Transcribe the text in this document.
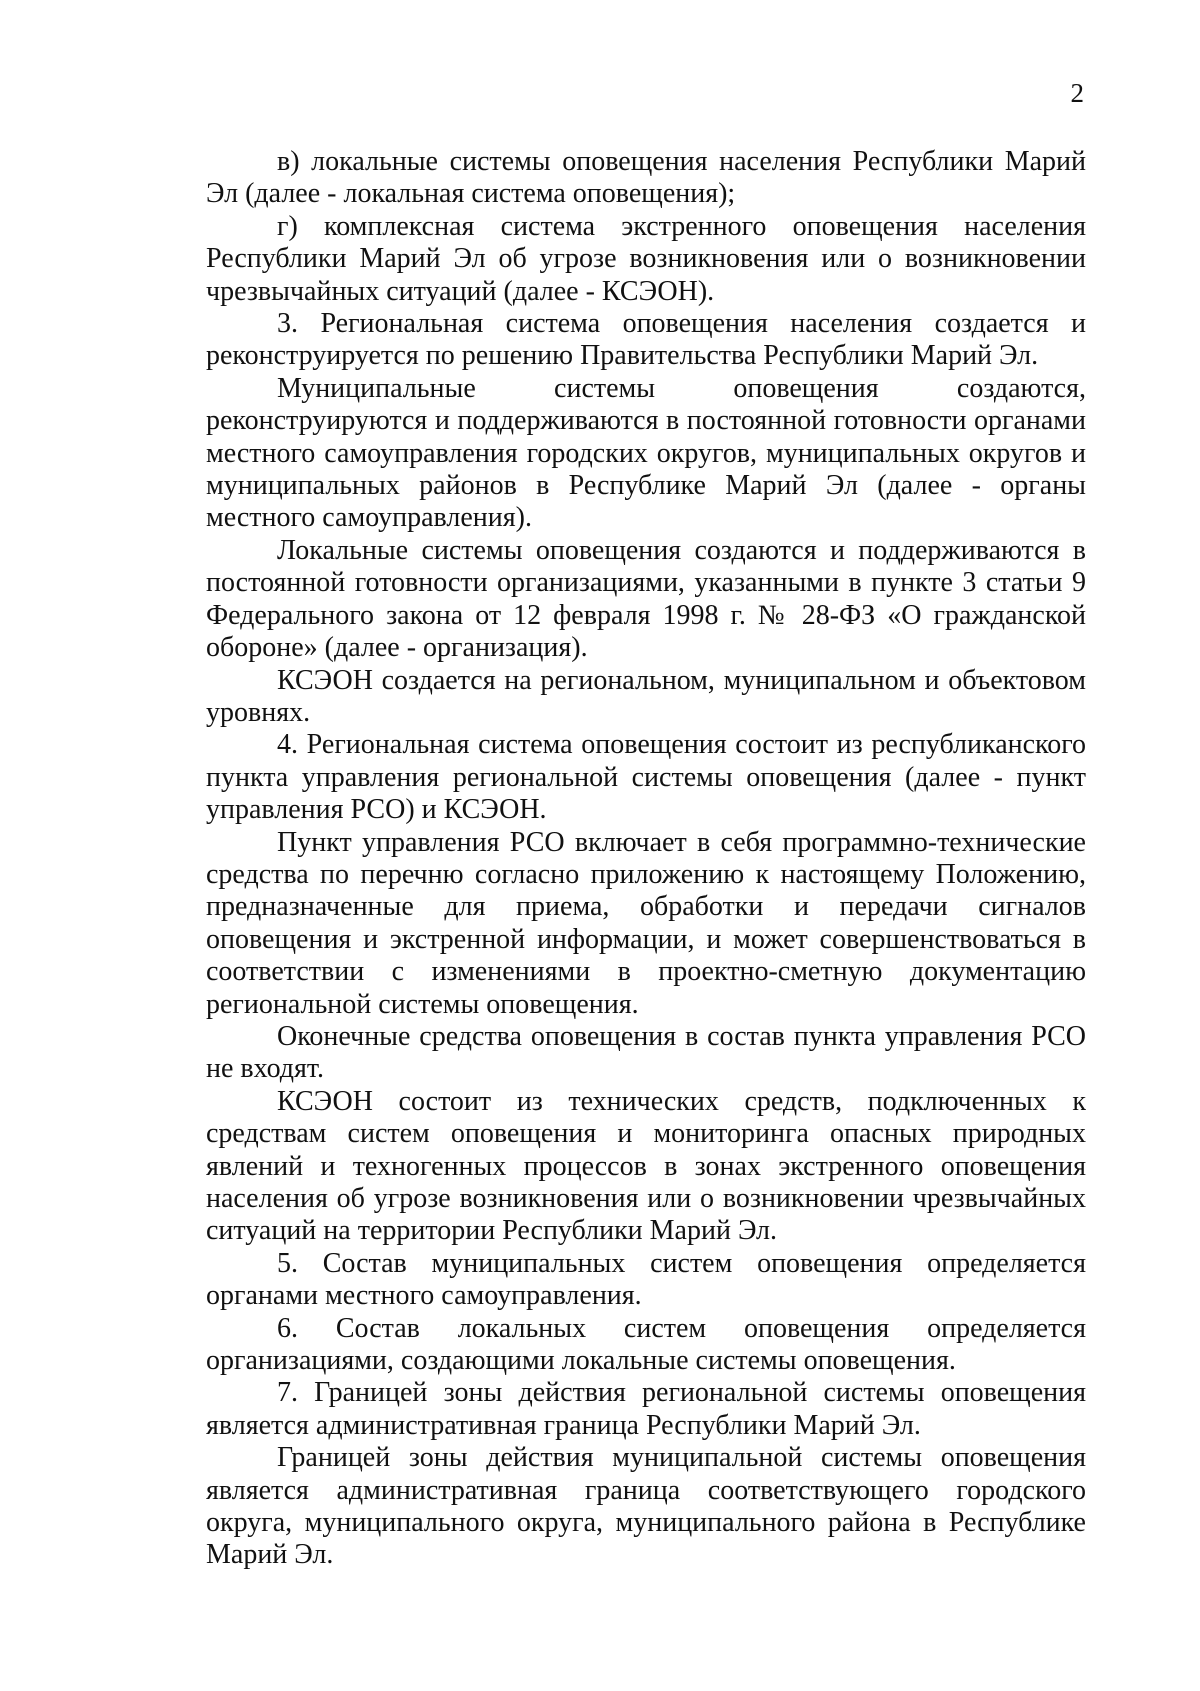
2

в) локальные системы оповещения населения Республики Марий Эл (далее - локальная система оповещения);

г) комплексная система экстренного оповещения населения Республики Марий Эл об угрозе возникновения или о возникновении чрезвычайных ситуаций (далее - КСЭОН).

3. Региональная система оповещения населения создается и реконструируется по решению Правительства Республики Марий Эл.

Муниципальные системы оповещения создаются, реконструируются и поддерживаются в постоянной готовности органами местного самоуправления городских округов, муниципальных округов и муниципальных районов в Республике Марий Эл (далее - органы местного самоуправления).

Локальные системы оповещения создаются и поддерживаются в постоянной готовности организациями, указанными в пункте 3 статьи 9 Федерального закона от 12 февраля 1998 г. № 28-ФЗ «О гражданской обороне» (далее - организация).

КСЭОН создается на региональном, муниципальном и объектовом уровнях.

4. Региональная система оповещения состоит из республиканского пункта управления региональной системы оповещения (далее - пункт управления РСО) и КСЭОН.

Пункт управления РСО включает в себя программно-технические средства по перечню согласно приложению к настоящему Положению, предназначенные для приема, обработки и передачи сигналов оповещения и экстренной информации, и может совершенствоваться в соответствии с изменениями в проектно-сметную документацию региональной системы оповещения.

Оконечные средства оповещения в состав пункта управления РСО не входят.

КСЭОН состоит из технических средств, подключенных к средствам систем оповещения и мониторинга опасных природных явлений и техногенных процессов в зонах экстренного оповещения населения об угрозе возникновения или о возникновении чрезвычайных ситуаций на территории Республики Марий Эл.

5. Состав муниципальных систем оповещения определяется органами местного самоуправления.

6. Состав локальных систем оповещения определяется организациями, создающими локальные системы оповещения.

7. Границей зоны действия региональной системы оповещения является административная граница Республики Марий Эл.

Границей зоны действия муниципальной системы оповещения является административная граница соответствующего городского округа, муниципального округа, муниципального района в Республике Марий Эл.
